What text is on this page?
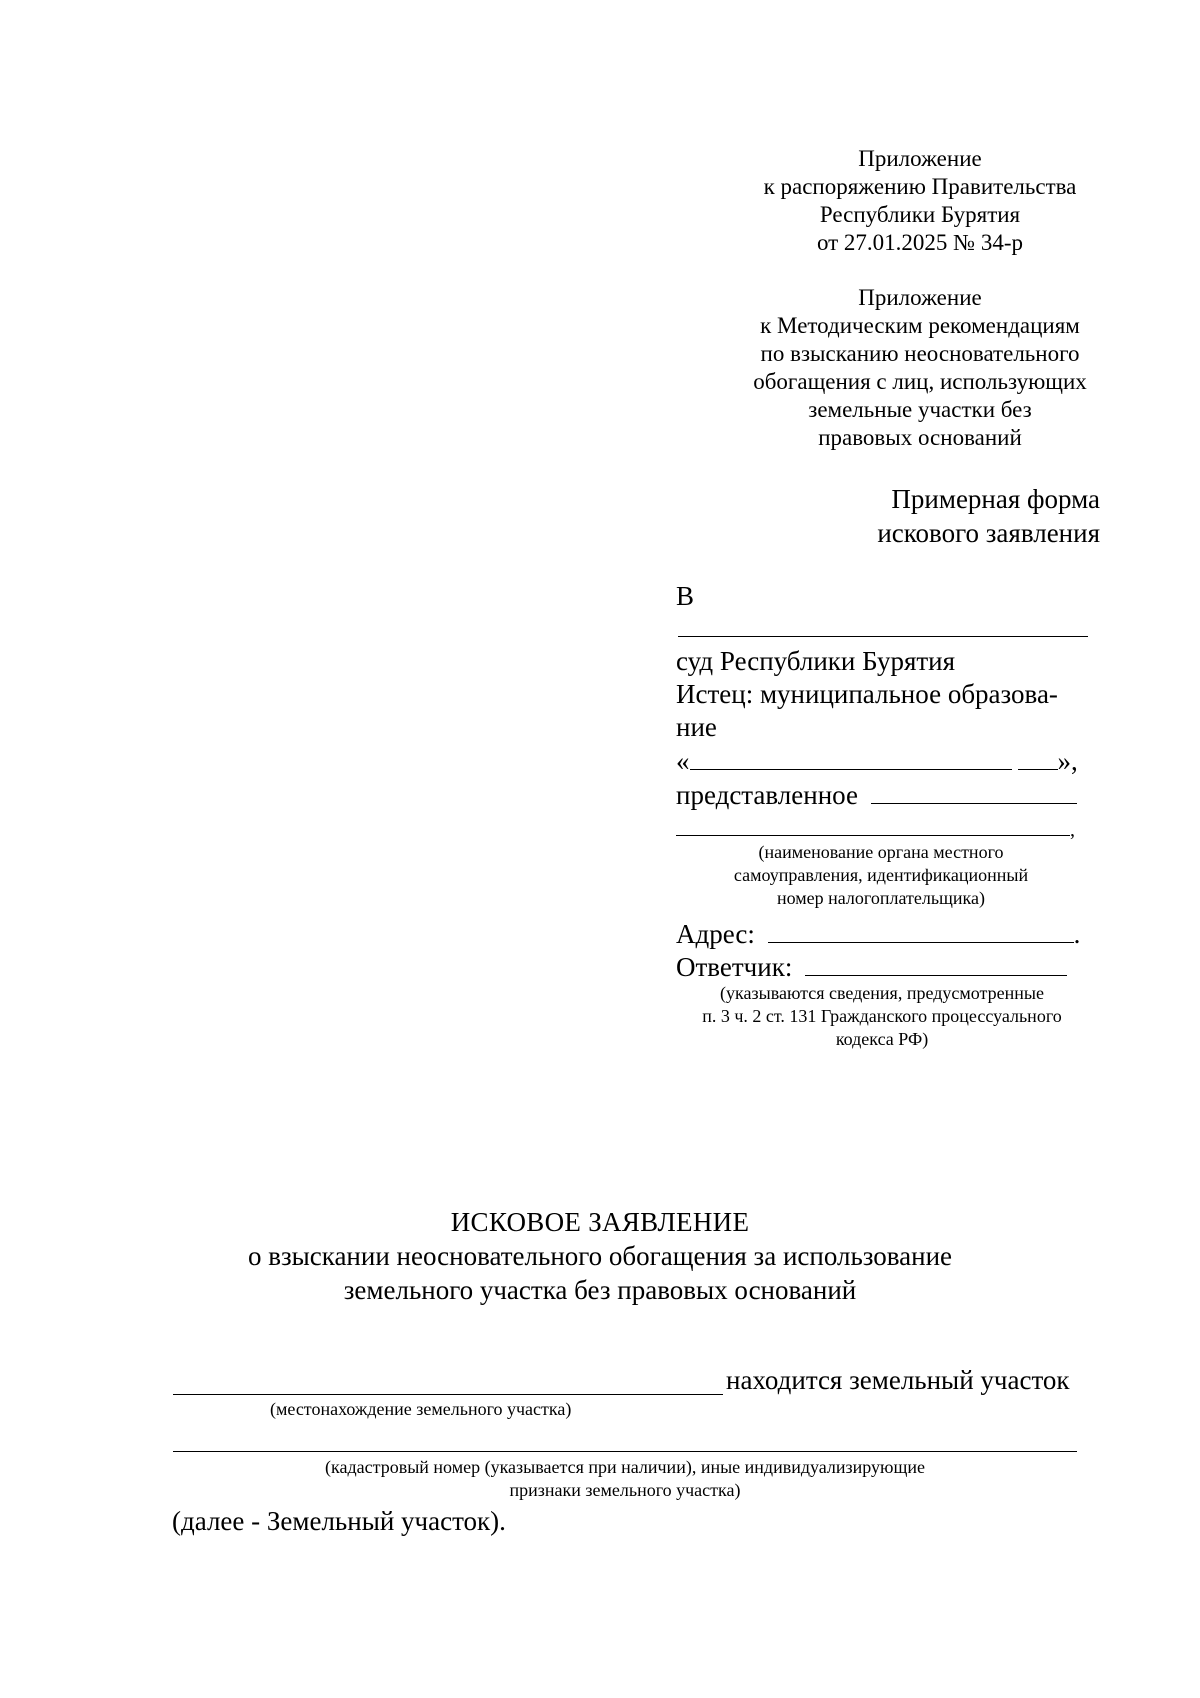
Приложение
к распоряжению Правительства
Республики Бурятия
от 27.01.2025 № 34-р
Приложение
к Методическим рекомендациям
по взысканию неосновательного
обогащения с лиц, использующих
земельные участки без
правовых оснований
Примерная форма
искового заявления
В
суд Республики Бурятия
Истец: муниципальное образова-
ние
«	»,
представленное
,
(наименование органа местного
самоуправления, идентификационный
номер налогоплательщика)
Адрес:	.
Ответчик:
(указываются сведения, предусмотренные
п. 3 ч. 2 ст. 131 Гражданского процессуального
кодекса РФ)
ИСКОВОЕ ЗАЯВЛЕНИЕ
о взыскании неосновательного обогащения за использование
земельного участка без правовых оснований
находится земельный участок
(местонахождение земельного участка)
(кадастровый номер (указывается при наличии), иные индивидуализирующие
признаки земельного участка)
(далее - Земельный участок).
